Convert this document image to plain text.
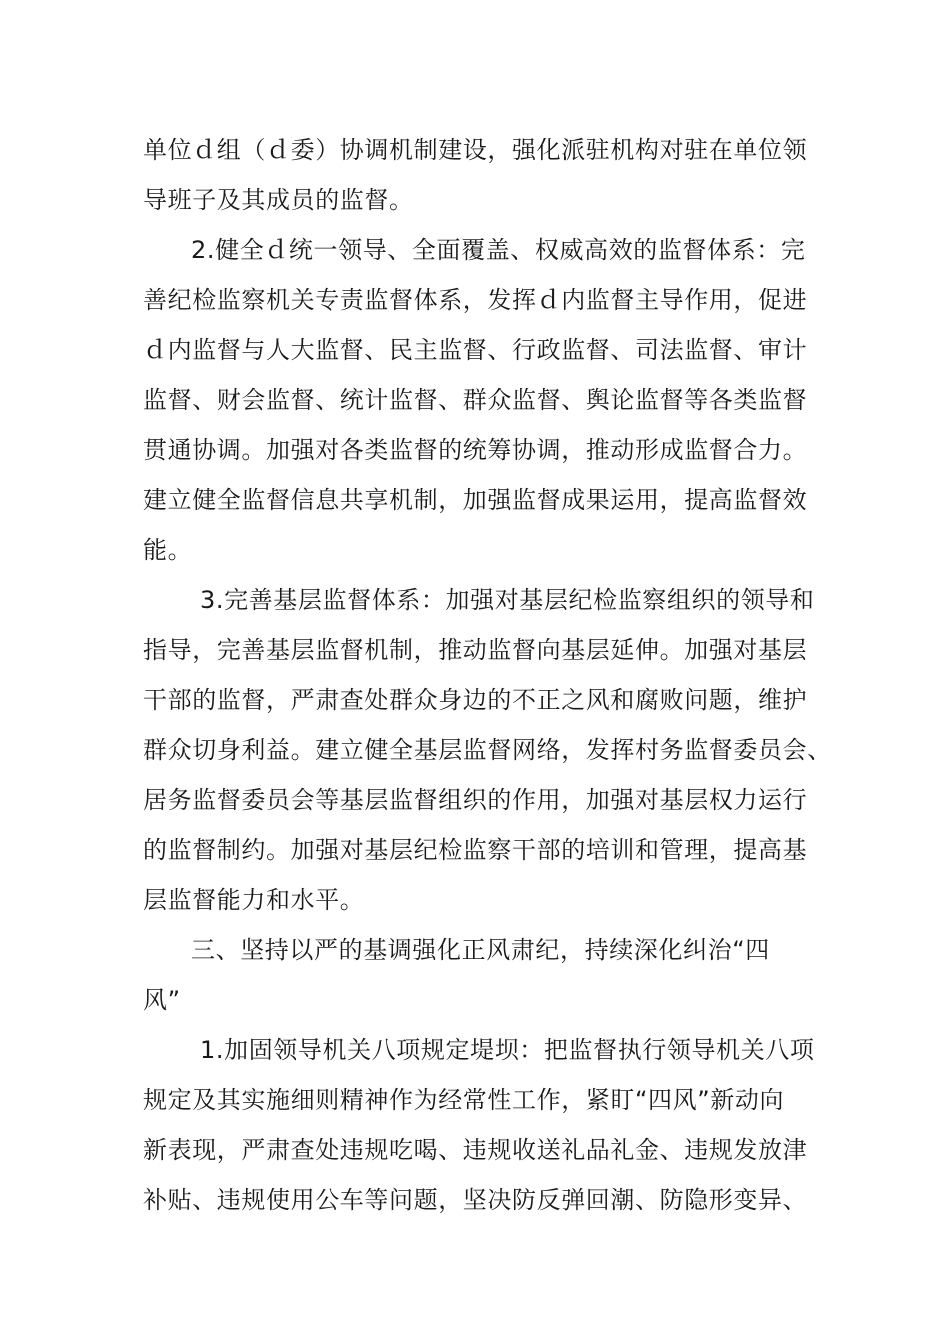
单位ｄ组（ｄ委）协调机制建设，强化派驻机构对驻在单位领
导班子及其成员的监督。
2.健全ｄ统一领导、全面覆盖、权威高效的监督体系：完
善纪检监察机关专责监督体系，发挥ｄ内监督主导作用，促进
ｄ内监督与人大监督、民主监督、行政监督、司法监督、审计
监督、财会监督、统计监督、群众监督、舆论监督等各类监督
贯通协调。加强对各类监督的统筹协调，推动形成监督合力。
建立健全监督信息共享机制，加强监督成果运用，提高监督效
能。
3.完善基层监督体系：加强对基层纪检监察组织的领导和
指导，完善基层监督机制，推动监督向基层延伸。加强对基层
干部的监督，严肃查处群众身边的不正之风和腐败问题，维护
群众切身利益。建立健全基层监督网络，发挥村务监督委员会、
居务监督委员会等基层监督组织的作用，加强对基层权力运行
的监督制约。加强对基层纪检监察干部的培训和管理，提高基
层监督能力和水平。
三、坚持以严的基调强化正风肃纪，持续深化纠治“四
风”
1.加固领导机关八项规定堤坝：把监督执行领导机关八项
规定及其实施细则精神作为经常性工作，紧盯“四风”新动向
新表现，严肃查处违规吃喝、违规收送礼品礼金、违规发放津
补贴、违规使用公车等问题，坚决防反弹回潮、防隐形变异、
